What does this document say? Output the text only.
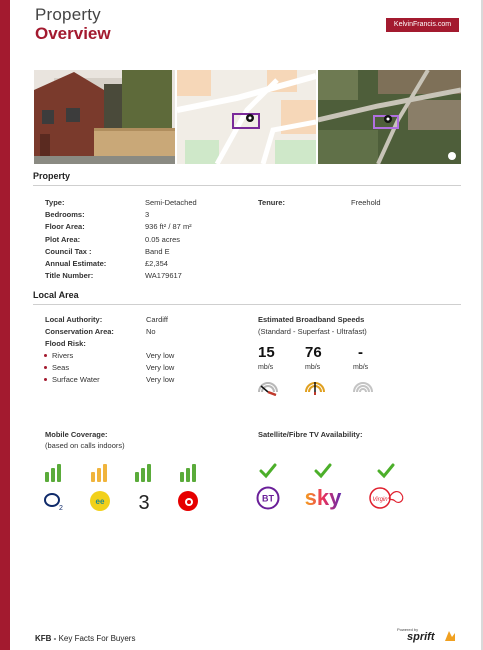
Property
Overview	KelvinFrancis.com
Property
Type:	Semi-Detached
Bedrooms:	3
Floor Area:	936 ft² / 87 m²
Plot Area:	0.05 acres
Council Tax :	Band E
Annual Estimate:	£2,354
Title Number:	WA179617
Tenure:	Freehold
Local Area
Local Authority:	Cardiff
Conservation Area:	No
Flood Risk:
Rivers	Very low
Seas	Very low
Surface Water	Very low
Estimated Broadband Speeds
(Standard - Superfast - Ultrafast)
15
mb/s
76
mb/s
-
mb/s
Mobile Coverage:
(based on calls indoors)
2
ee 3
Satellite/Fibre TV Availability:
BT sky	Virgin
KFB - Key Facts For Buyers
Powered by
sprift
